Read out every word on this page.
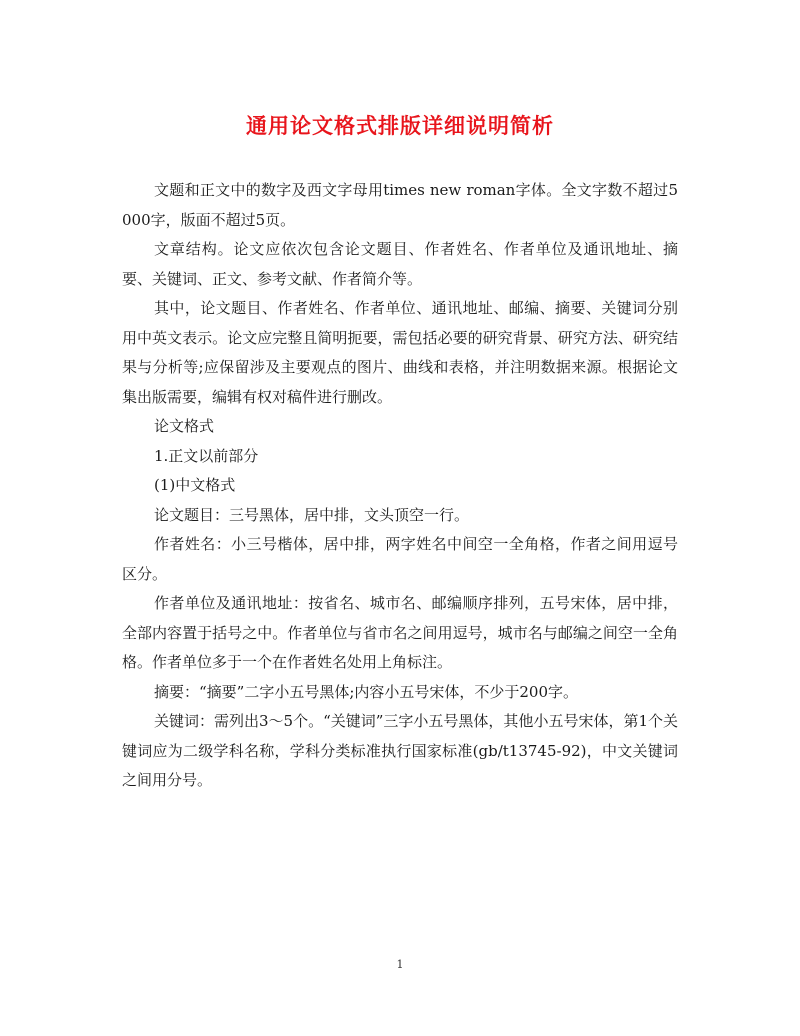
通用论文格式排版详细说明简析

文题和正文中的数字及西文字母用times new roman字体。全文字数不超过5000字，版面不超过5页。

文章结构。论文应依次包含论文题目、作者姓名、作者单位及通讯地址、摘要、关键词、正文、参考文献、作者简介等。

其中，论文题目、作者姓名、作者单位、通讯地址、邮编、摘要、关键词分别用中英文表示。论文应完整且简明扼要，需包括必要的研究背景、研究方法、研究结果与分析等;应保留涉及主要观点的图片、曲线和表格，并注明数据来源。根据论文集出版需要，编辑有权对稿件进行删改。

论文格式

1.正文以前部分

(1)中文格式

论文题目：三号黑体，居中排，文头顶空一行。

作者姓名：小三号楷体，居中排，两字姓名中间空一全角格，作者之间用逗号区分。

作者单位及通讯地址：按省名、城市名、邮编顺序排列，五号宋体，居中排，全部内容置于括号之中。作者单位与省市名之间用逗号，城市名与邮编之间空一全角格。作者单位多于一个在作者姓名处用上角标注。

摘要：“摘要”二字小五号黑体;内容小五号宋体，不少于200字。

关键词：需列出3～5个。“关键词”三字小五号黑体，其他小五号宋体，第1个关键词应为二级学科名称，学科分类标准执行国家标准(gb/t13745-92)，中文关键词之间用分号。

1
